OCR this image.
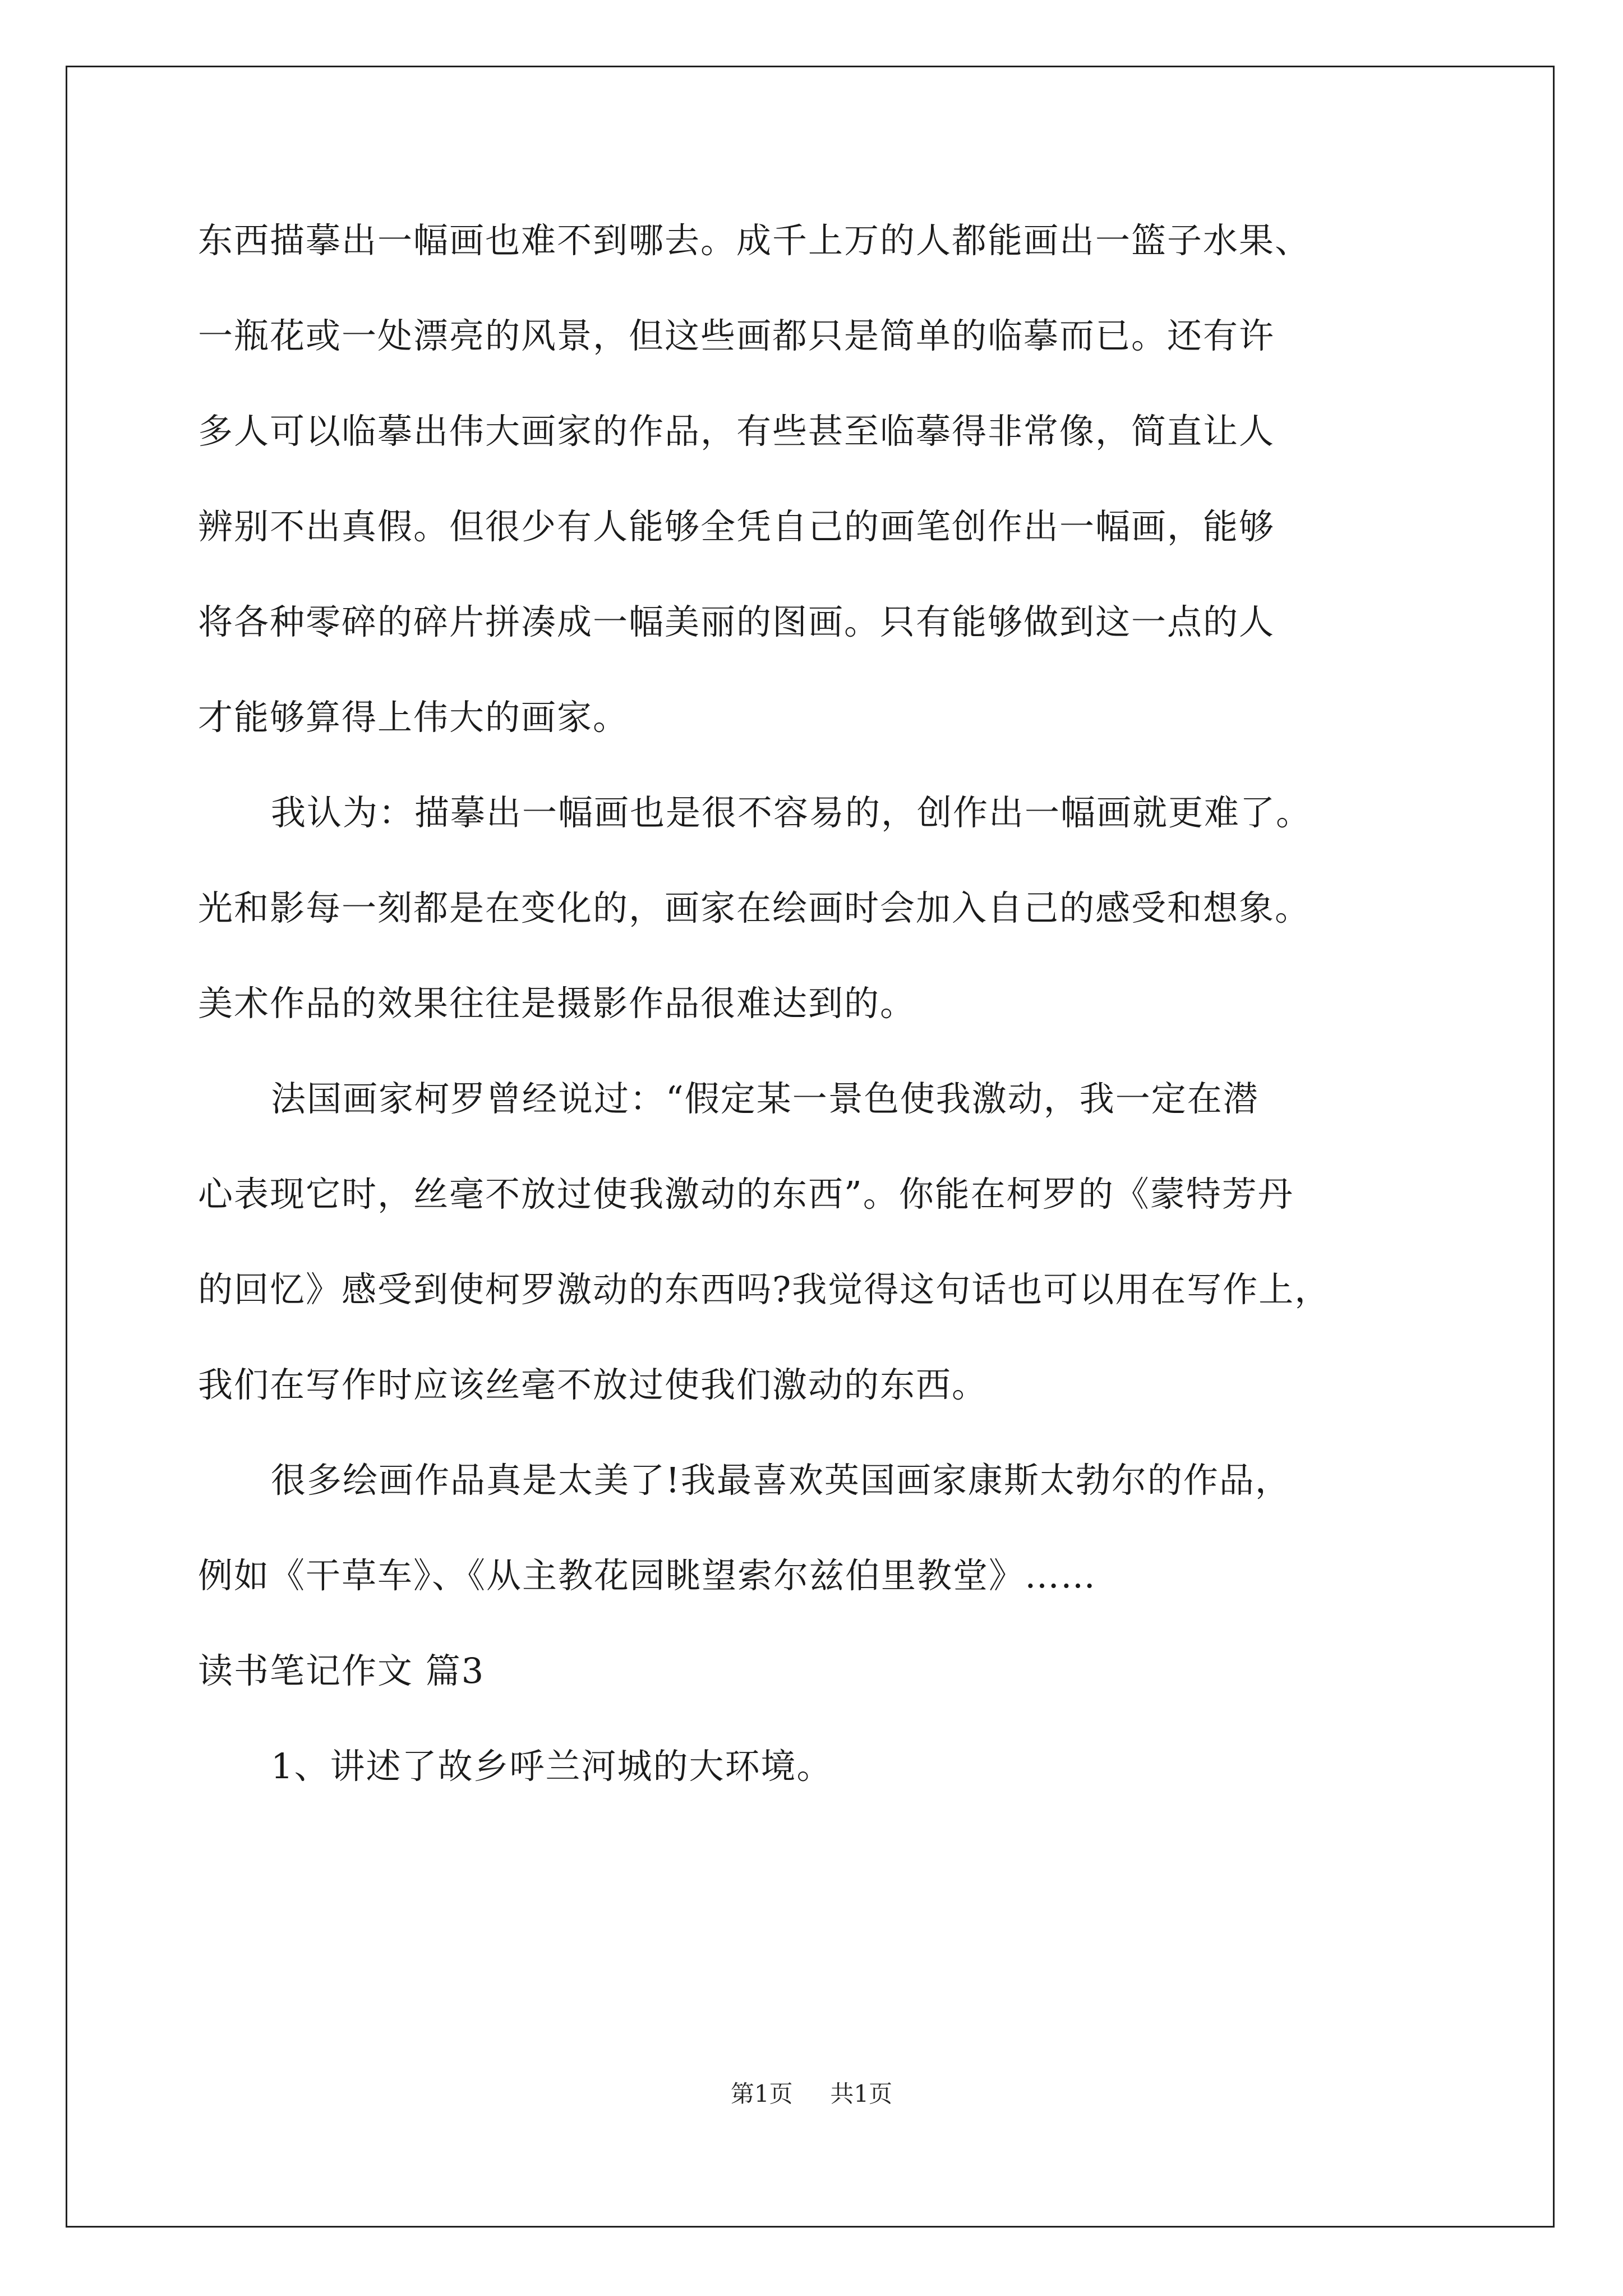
东西描摹出一幅画也难不到哪去。成千上万的人都能画出一篮子水果、
一瓶花或一处漂亮的风景，但这些画都只是简单的临摹而已。还有许
多人可以临摹出伟大画家的作品，有些甚至临摹得非常像，简直让人
辨别不出真假。但很少有人能够全凭自己的画笔创作出一幅画，能够
将各种零碎的碎片拼凑成一幅美丽的图画。只有能够做到这一点的人
才能够算得上伟大的画家。
我认为：描摹出一幅画也是很不容易的，创作出一幅画就更难了。
光和影每一刻都是在变化的，画家在绘画时会加入自己的感受和想象。
美术作品的效果往往是摄影作品很难达到的。
法国画家柯罗曾经说过：“假定某一景色使我激动，我一定在潜
心表现它时，丝毫不放过使我激动的东西”。你能在柯罗的《蒙特芳丹
的回忆》感受到使柯罗激动的东西吗?我觉得这句话也可以用在写作上，
我们在写作时应该丝毫不放过使我们激动的东西。
很多绘画作品真是太美了!我最喜欢英国画家康斯太勃尔的作品，
例如《干草车》、《从主教花园眺望索尔兹伯里教堂》……
读书笔记作文 篇3
1、讲述了故乡呼兰河城的大环境。
第1页 共1页
